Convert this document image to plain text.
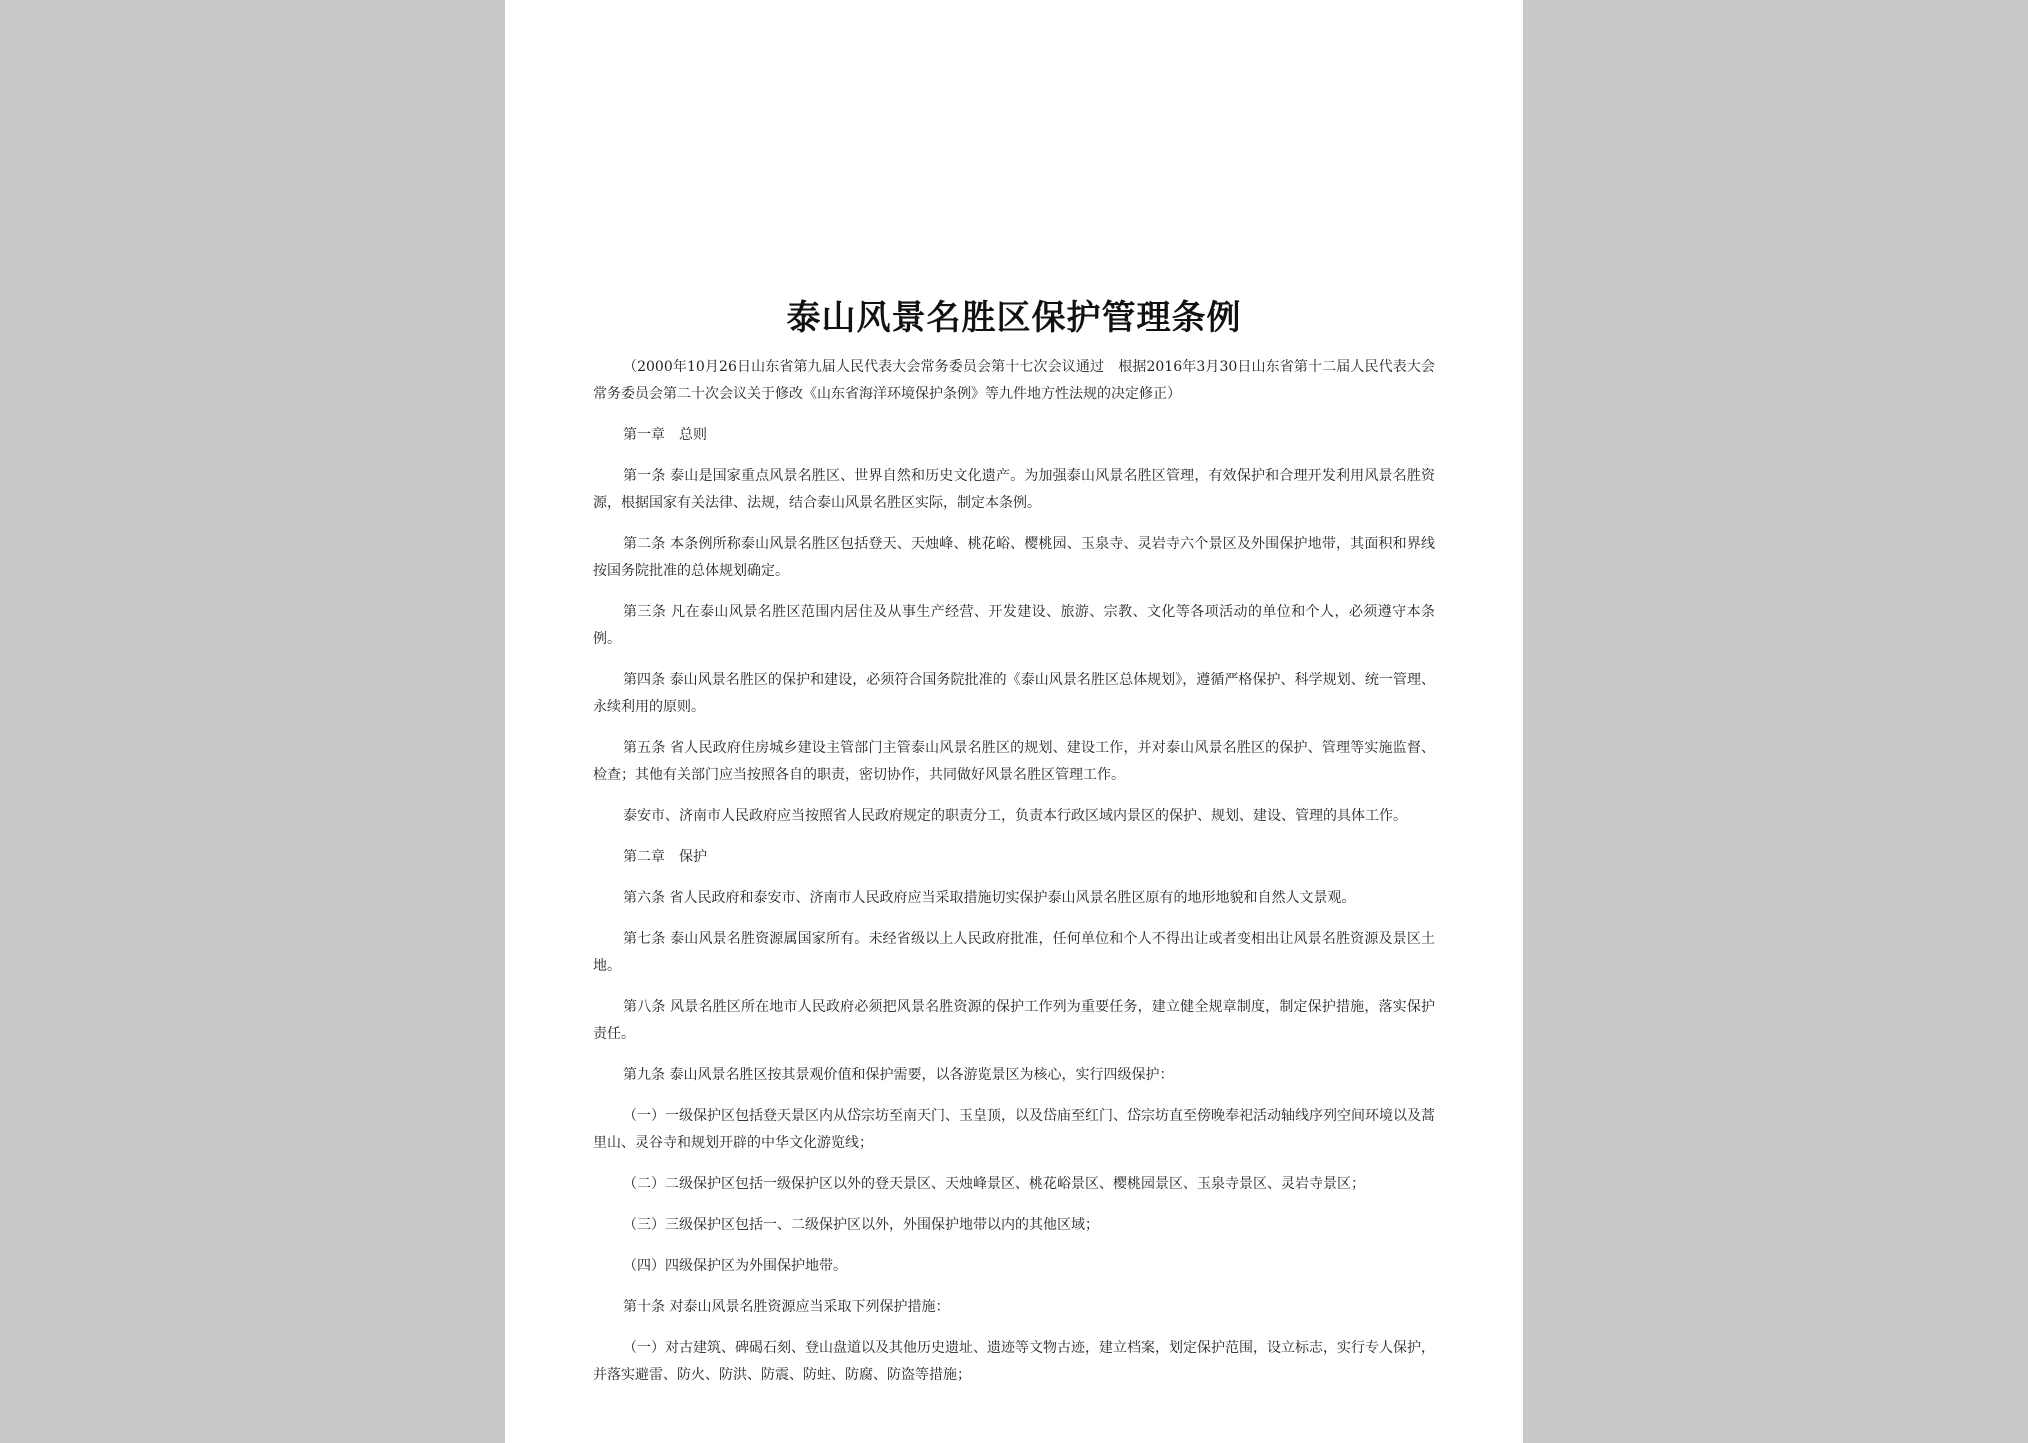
泰山风景名胜区保护管理条例

（2000年10月26日山东省第九届人民代表大会常务委员会第十七次会议通过　根据2016年3月30日山东省第十二届人民代表大会常务委员会第二十次会议关于修改《山东省海洋环境保护条例》等九件地方性法规的决定修正）

第一章　总则

第一条 泰山是国家重点风景名胜区、世界自然和历史文化遗产。为加强泰山风景名胜区管理，有效保护和合理开发利用风景名胜资源，根据国家有关法律、法规，结合泰山风景名胜区实际，制定本条例。

第二条 本条例所称泰山风景名胜区包括登天、天烛峰、桃花峪、樱桃园、玉泉寺、灵岩寺六个景区及外围保护地带，其面积和界线按国务院批准的总体规划确定。

第三条 凡在泰山风景名胜区范围内居住及从事生产经营、开发建设、旅游、宗教、文化等各项活动的单位和个人，必须遵守本条例。

第四条 泰山风景名胜区的保护和建设，必须符合国务院批准的《泰山风景名胜区总体规划》，遵循严格保护、科学规划、统一管理、永续利用的原则。

第五条 省人民政府住房城乡建设主管部门主管泰山风景名胜区的规划、建设工作，并对泰山风景名胜区的保护、管理等实施监督、检查；其他有关部门应当按照各自的职责，密切协作，共同做好风景名胜区管理工作。

泰安市、济南市人民政府应当按照省人民政府规定的职责分工，负责本行政区域内景区的保护、规划、建设、管理的具体工作。

第二章　保护

第六条 省人民政府和泰安市、济南市人民政府应当采取措施切实保护泰山风景名胜区原有的地形地貌和自然人文景观。

第七条 泰山风景名胜资源属国家所有。未经省级以上人民政府批准，任何单位和个人不得出让或者变相出让风景名胜资源及景区土地。

第八条 风景名胜区所在地市人民政府必须把风景名胜资源的保护工作列为重要任务，建立健全规章制度，制定保护措施，落实保护责任。

第九条 泰山风景名胜区按其景观价值和保护需要，以各游览景区为核心，实行四级保护：

（一）一级保护区包括登天景区内从岱宗坊至南天门、玉皇顶，以及岱庙至红门、岱宗坊直至傍晚奉祀活动轴线序列空间环境以及蒿里山、灵谷寺和规划开辟的中华文化游览线；

（二）二级保护区包括一级保护区以外的登天景区、天烛峰景区、桃花峪景区、樱桃园景区、玉泉寺景区、灵岩寺景区；

（三）三级保护区包括一、二级保护区以外，外围保护地带以内的其他区域；

（四）四级保护区为外围保护地带。

第十条 对泰山风景名胜资源应当采取下列保护措施：

（一）对古建筑、碑碣石刻、登山盘道以及其他历史遗址、遗迹等文物古迹，建立档案，划定保护范围，设立标志，实行专人保护，并落实避雷、防火、防洪、防震、防蛀、防腐、防盗等措施；
